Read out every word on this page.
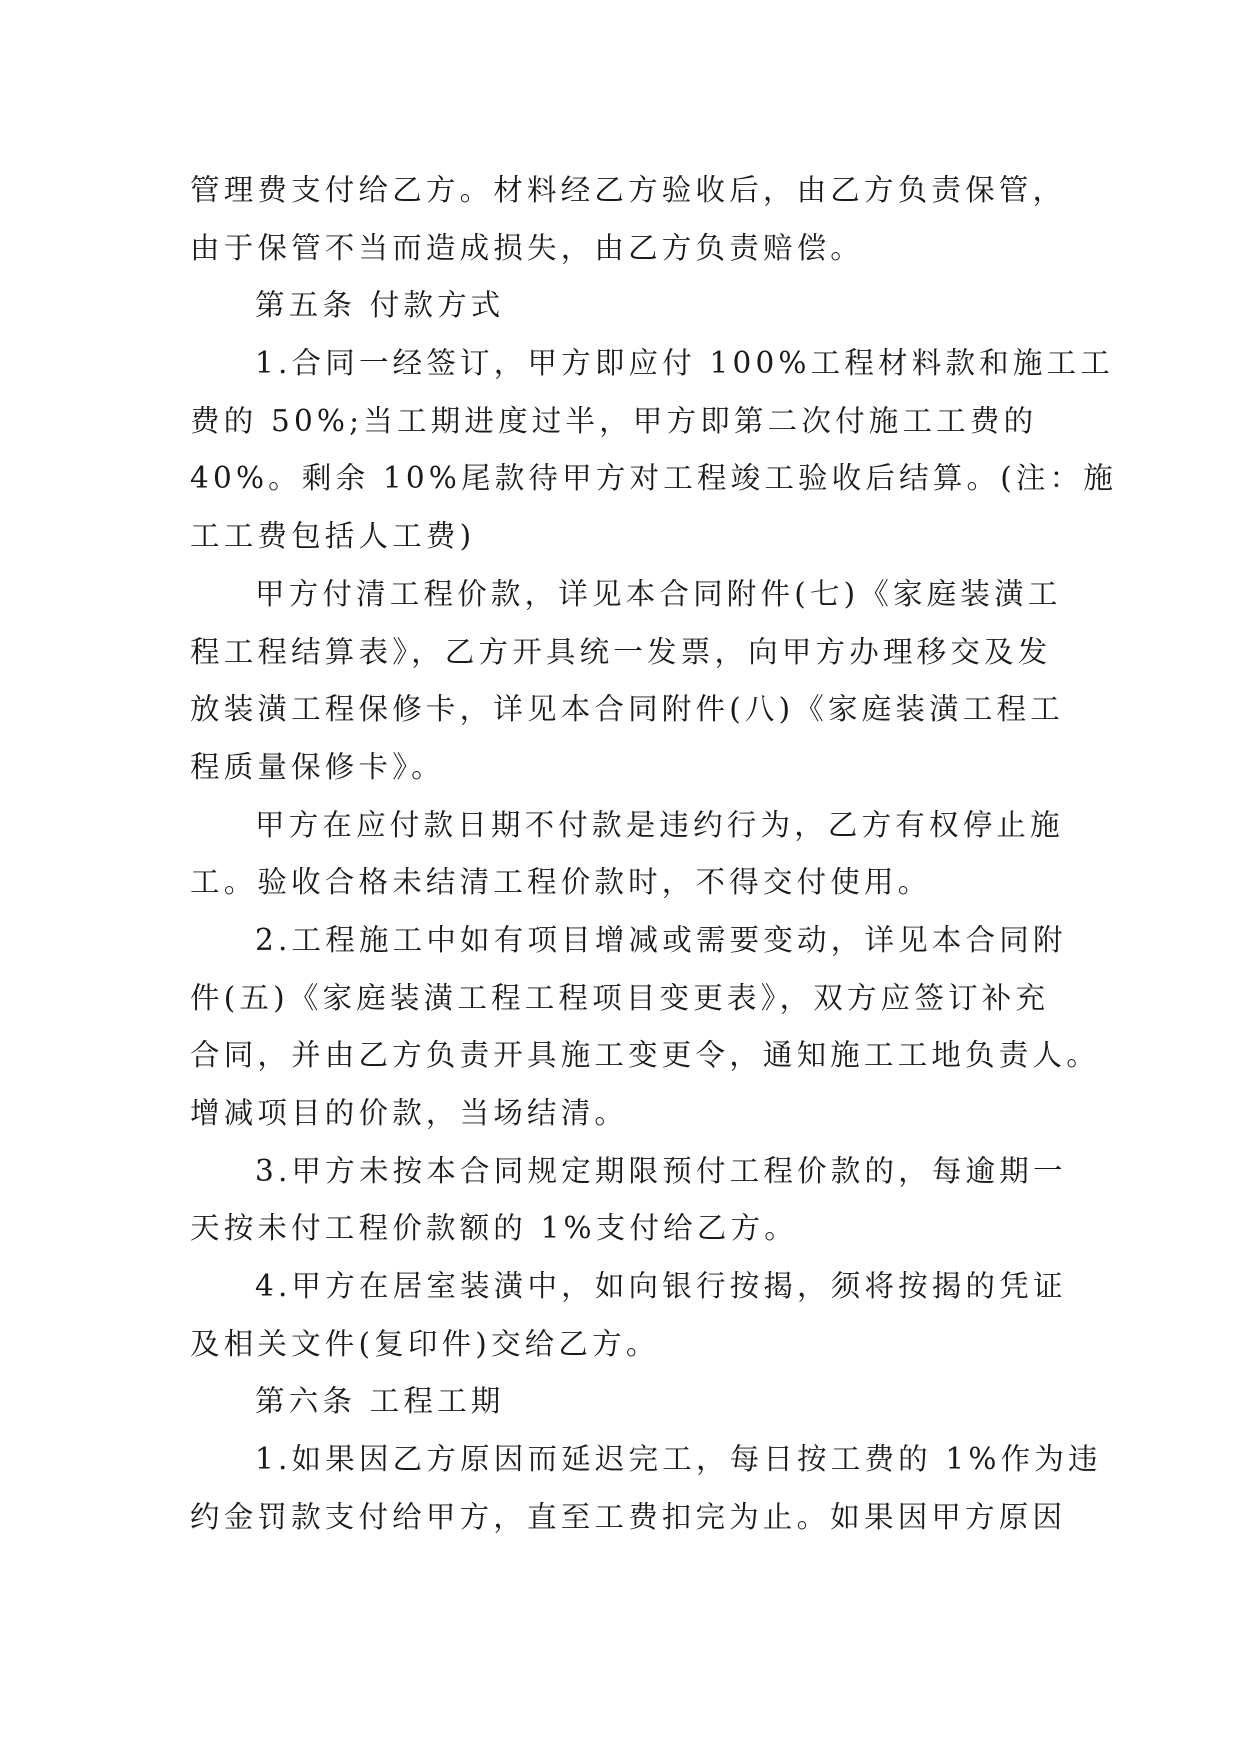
管理费支付给乙方。材料经乙方验收后，由乙方负责保管，
由于保管不当而造成损失，由乙方负责赔偿。
第五条 付款方式
1.合同一经签订，甲方即应付 100%工程材料款和施工工
费的 50%;当工期进度过半，甲方即第二次付施工工费的
40%。剩余 10%尾款待甲方对工程竣工验收后结算。(注：施
工工费包括人工费)
甲方付清工程价款，详见本合同附件(七)《家庭装潢工
程工程结算表》，乙方开具统一发票，向甲方办理移交及发
放装潢工程保修卡，详见本合同附件(八)《家庭装潢工程工
程质量保修卡》。
甲方在应付款日期不付款是违约行为，乙方有权停止施
工。验收合格未结清工程价款时，不得交付使用。
2.工程施工中如有项目增减或需要变动，详见本合同附
件(五)《家庭装潢工程工程项目变更表》，双方应签订补充
合同，并由乙方负责开具施工变更令，通知施工工地负责人。
增减项目的价款，当场结清。
3.甲方未按本合同规定期限预付工程价款的，每逾期一
天按未付工程价款额的 1%支付给乙方。
4.甲方在居室装潢中，如向银行按揭，须将按揭的凭证
及相关文件(复印件)交给乙方。
第六条 工程工期
1.如果因乙方原因而延迟完工，每日按工费的 1%作为违
约金罚款支付给甲方，直至工费扣完为止。如果因甲方原因
